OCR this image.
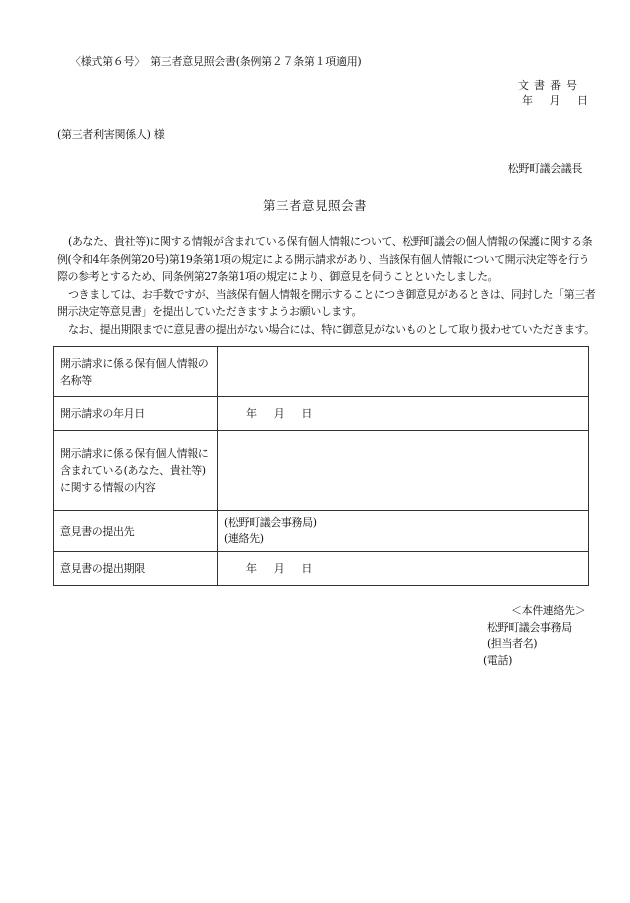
〈様式第６号〉　第三者意見照会書(条例第２７条第１項適用)
文書番号
年 月 日
(第三者利害関係人) 様
松野町議会議長
第三者意見照会書

(あなた、貴社等)に関する情報が含まれている保有個人情報について、松野町議会の個人情報の保護に関する条例(令和4年条例第20号)第19条第1項の規定による開示請求があり、当該保有個人情報について開示決定等を行う際の参考とするため、同条例第27条第1項の規定により、御意見を伺うことといたしました。

つきましては、お手数ですが、当該保有個人情報を開示することにつき御意見があるときは、同封した「第三者開示決定等意見書」を提出していただきますようお願いします。

なお、提出期限までに意見書の提出がない場合には、特に御意見がないものとして取り扱わせていただきます。

開示請求に係る保有個人情報の名称等	
開示請求の年月日	年 月 日
開示請求に係る保有個人情報に含まれている(あなた、貴社等)に関する情報の内容	
意見書の提出先	(松野町議会事務局)
(連絡先)

意見書の提出期限	年 月 日
＜本件連絡先＞
松野町議会事務局
(担当者名)
(電話)
